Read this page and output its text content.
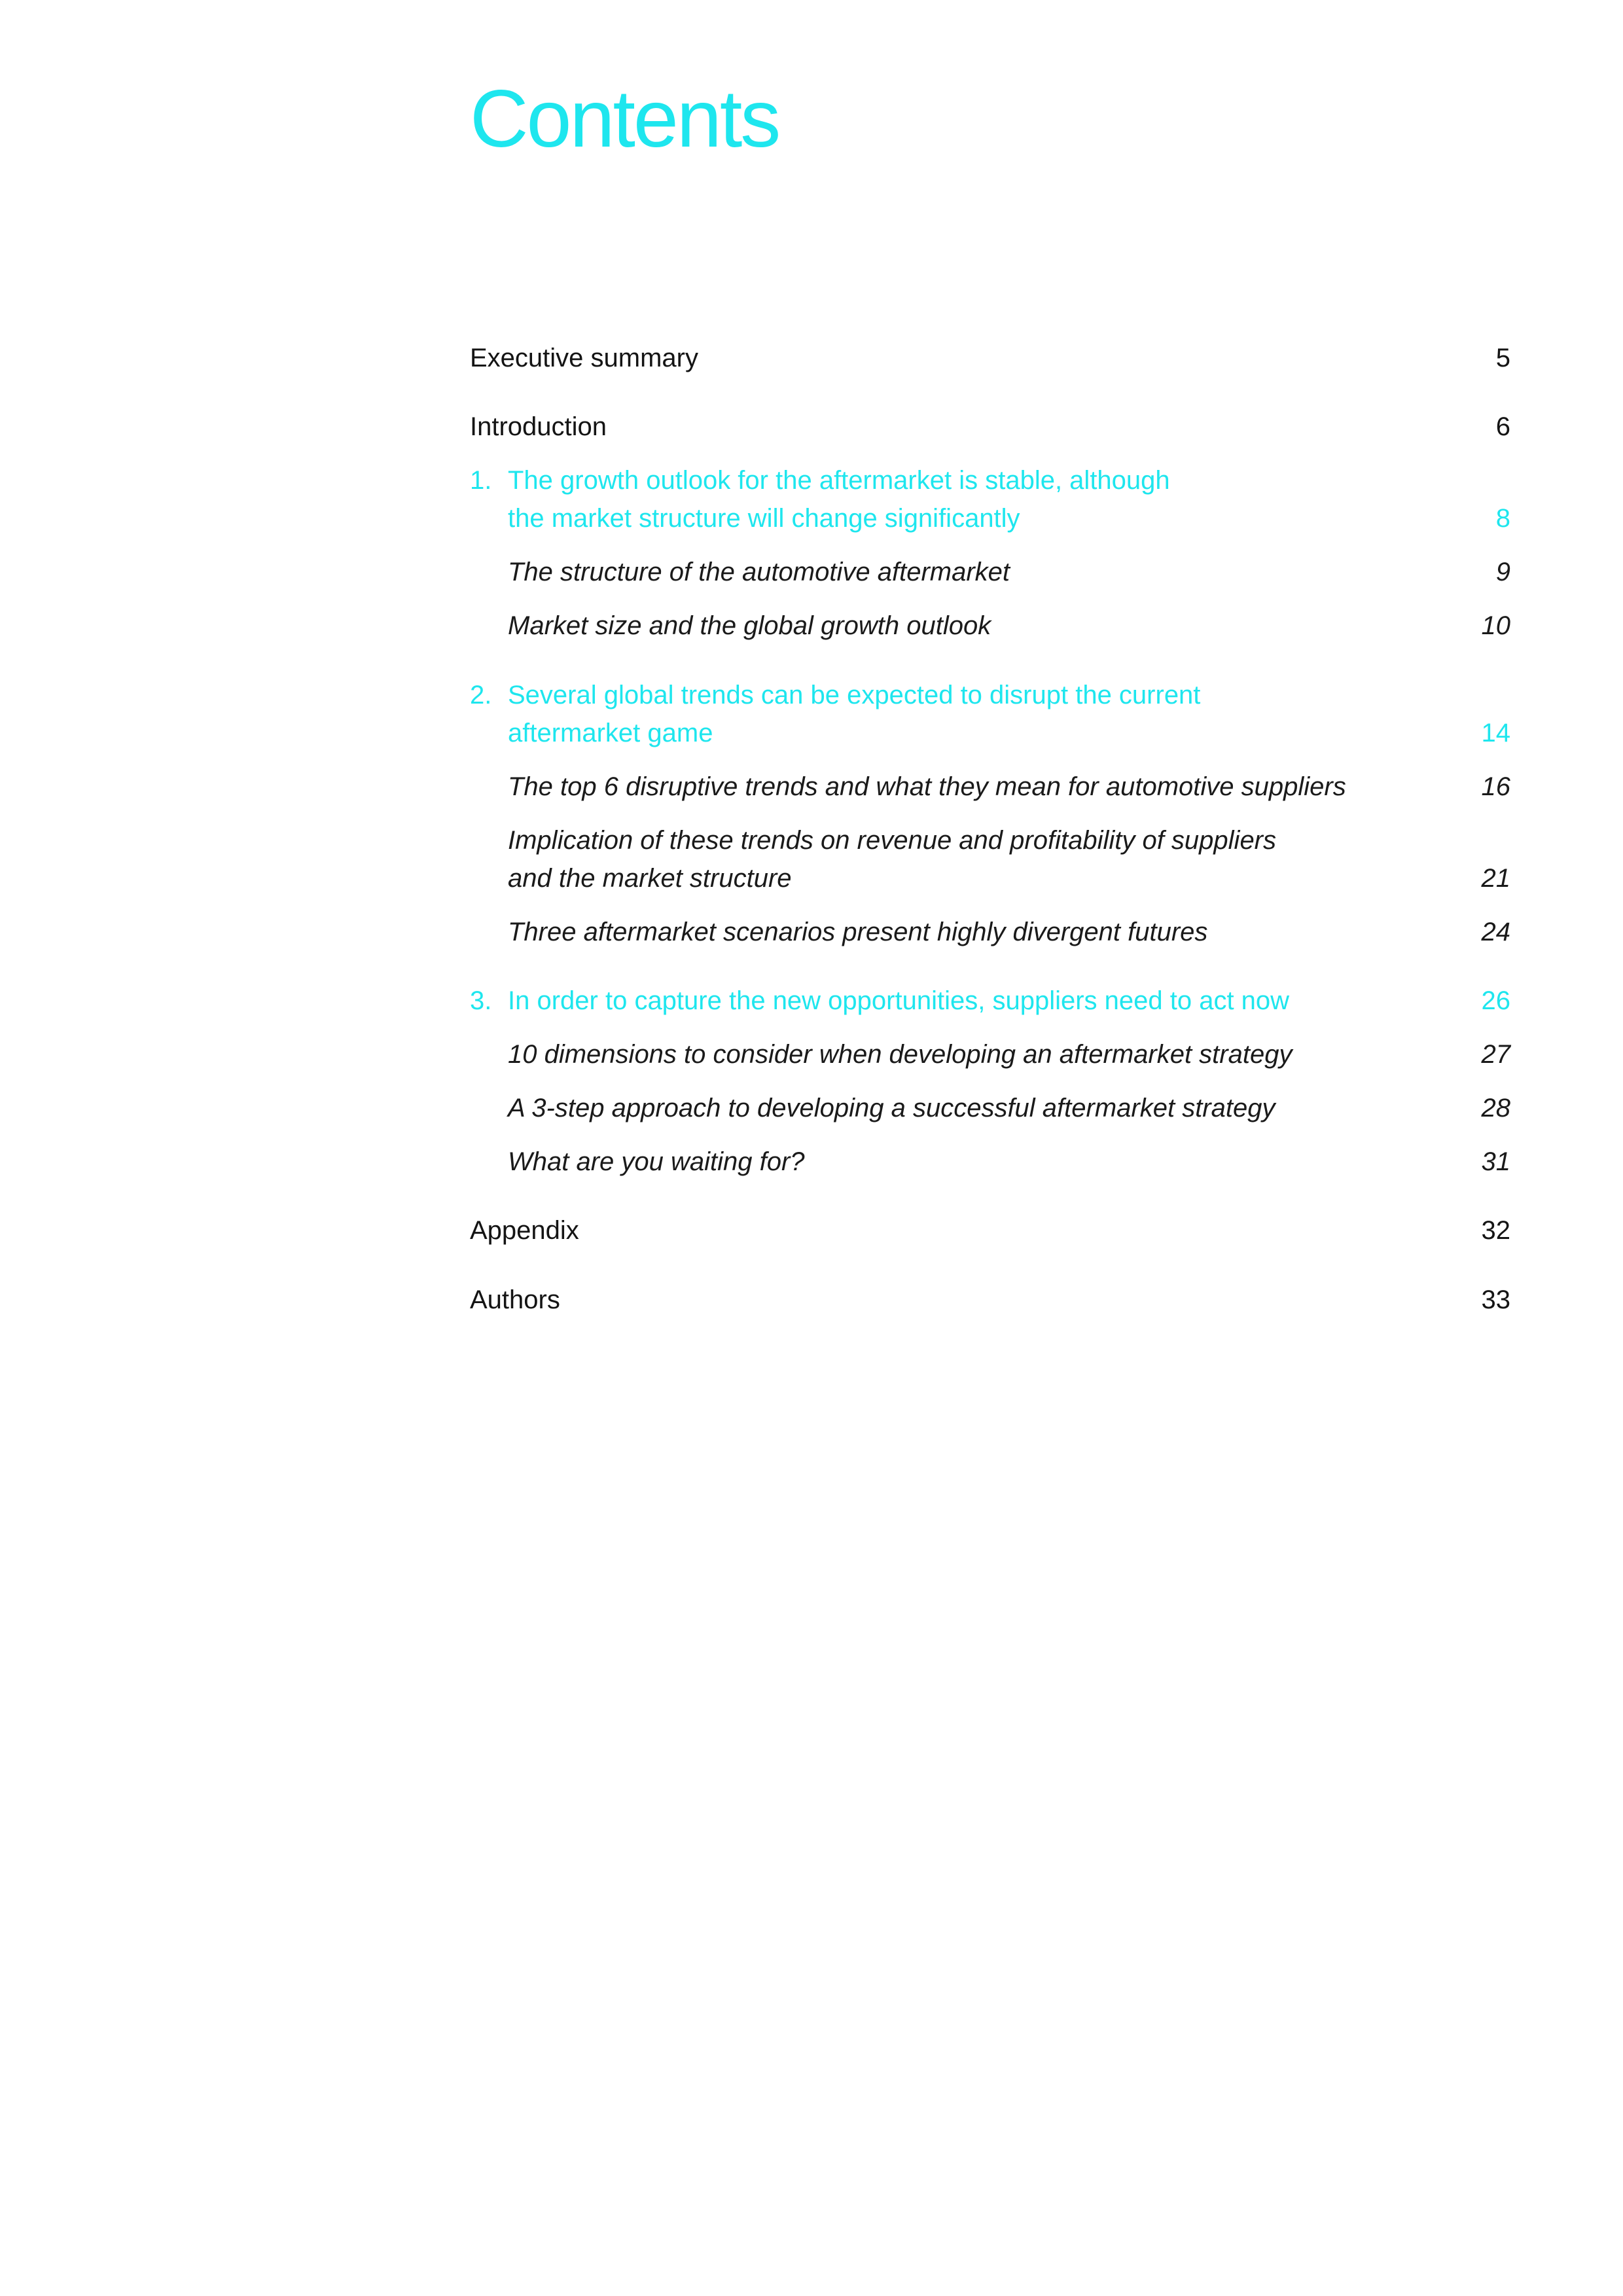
Contents
Executive summary	5
Introduction	6
1. The growth outlook for the aftermarket is stable, although
the market structure will change significantly	8
The structure of the automotive aftermarket	9
Market size and the global growth outlook	10
2. Several global trends can be expected to disrupt the current
aftermarket game	14
The top 6 disruptive trends and what they mean for automotive suppliers	16
Implication of these trends on revenue and profitability of suppliers
and the market structure	21
Three aftermarket scenarios present highly divergent futures	24
3. In order to capture the new opportunities, suppliers need to act now	26
10 dimensions to consider when developing an aftermarket strategy	27
A 3-step approach to developing a successful aftermarket strategy	28
What are you waiting for?	31
Appendix	32
Authors	33
